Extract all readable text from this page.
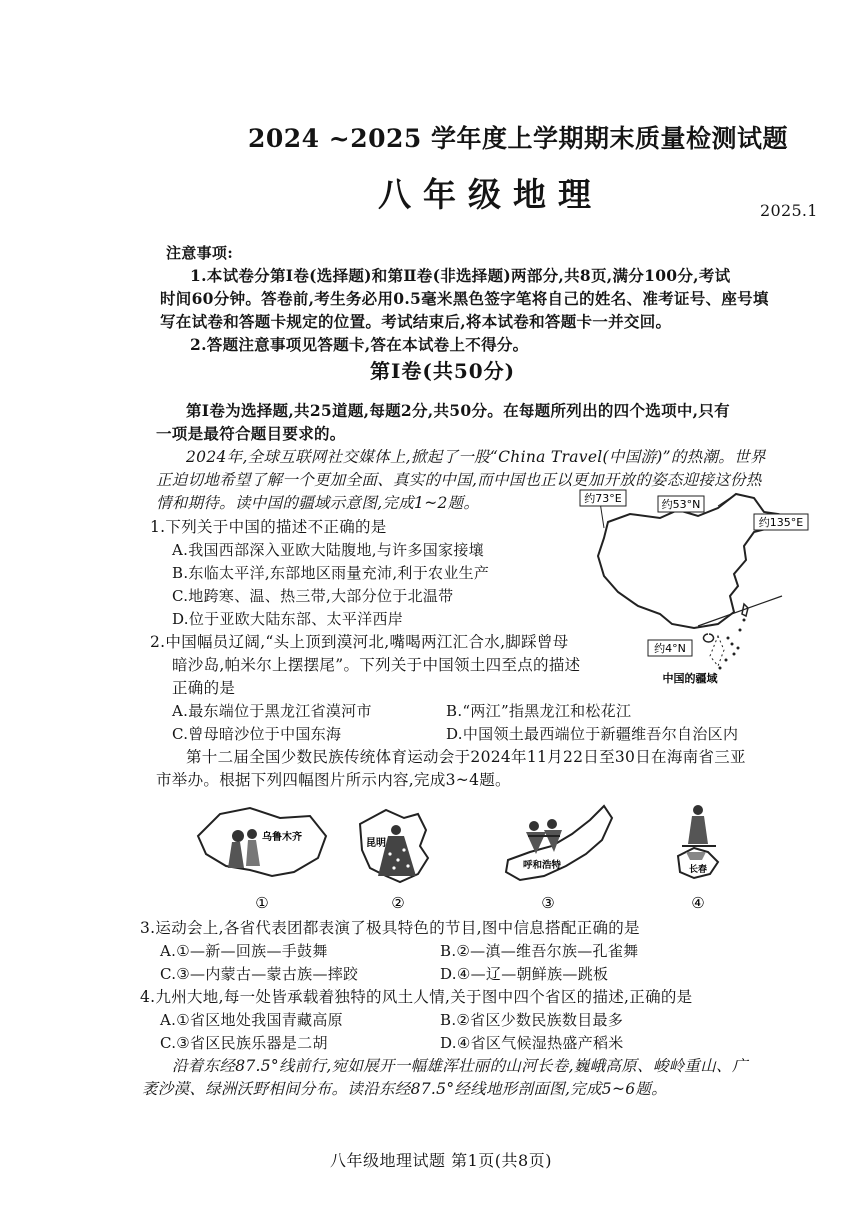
2024 ~2025 学年度上学期期末质量检测试题
八年级地理	2025.1
注意事项:
1.本试卷分第Ⅰ卷(选择题)和第Ⅱ卷(非选择题)两部分,共8页,满分100分,考试
时间60分钟。答卷前,考生务必用0.5毫米黑色签字笔将自己的姓名、准考证号、座号填
写在试卷和答题卡规定的位置。考试结束后,将本试卷和答题卡一并交回。
2.答题注意事项见答题卡,答在本试卷上不得分。
第Ⅰ卷(共50分)
第Ⅰ卷为选择题,共25道题,每题2分,共50分。在每题所列出的四个选项中,只有
一项是最符合题目要求的。
2024年,全球互联网社交媒体上,掀起了一股“China Travel(中国游)”的热潮。世界
正迫切地希望了解一个更加全面、真实的中国,而中国也正以更加开放的姿态迎接这份热
情和期待。读中国的疆域示意图,完成1~2题。
1.下列关于中国的描述不正确的是
A.我国西部深入亚欧大陆腹地,与许多国家接壤
B.东临太平洋,东部地区雨量充沛,利于农业生产
C.地跨寒、温、热三带,大部分位于北温带
D.位于亚欧大陆东部、太平洋西岸
2.中国幅员辽阔,“头上顶到漠河北,嘴喝两江汇合水,脚踩曾母
暗沙岛,帕米尔上摆摆尾”。下列关于中国领土四至点的描述
正确的是
A.最东端位于黑龙江省漠河市	B.“两江”指黑龙江和松花江
C.曾母暗沙位于中国东海	D.中国领土最西端位于新疆维吾尔自治区内
约73°E	约53°N
约135°E
约4°N
中国的疆域
第十二届全国少数民族传统体育运动会于2024年11月22日至30日在海南省三亚
市举办。根据下列四幅图片所示内容,完成3~4题。
乌鲁木齐
①
昆明
②
呼和浩特
③
长春
④
3.运动会上,各省代表团都表演了极具特色的节目,图中信息搭配正确的是
A.①—新—回族—手鼓舞	B.②—滇—维吾尔族—孔雀舞
C.③—内蒙古—蒙古族—摔跤	D.④—辽—朝鲜族—跳板
4.九州大地,每一处皆承载着独特的风土人情,关于图中四个省区的描述,正确的是
A.①省区地处我国青藏高原	B.②省区少数民族数目最多
C.③省区民族乐器是二胡	D.④省区气候湿热盛产稻米
沿着东经87.5°线前行,宛如展开一幅雄浑壮丽的山河长卷,巍峨高原、峻岭重山、广
袤沙漠、绿洲沃野相间分布。读沿东经87.5°经线地形剖面图,完成5~6题。
八年级地理试题 第1页(共8页)
